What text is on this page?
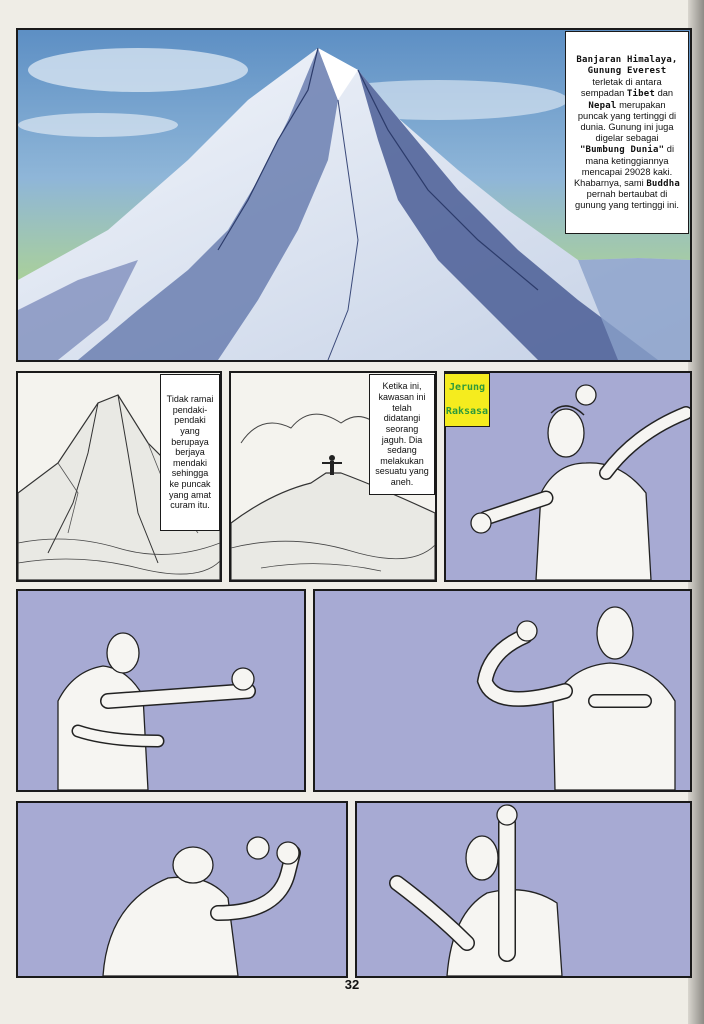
Banjaran Himalaya,
Gunung Everest
terletak di antara
sempadan Tibet dan
Nepal merupakan
puncak yang tertinggi di
dunia. Gunung ini juga
digelar sebagai
"Bumbung Dunia" di
mana ketinggiannya
mencapai 29028 kaki.
Khabarnya, sami Buddha
pernah bertaubat di
gunung yang tertinggi ini.
Tidak ramai
pendaki-
pendaki
yang
berupaya
berjaya
mendaki
sehingga
ke puncak
yang amat
curam itu.
Ketika ini,
kawasan ini
telah
didatangi
seorang
jaguh. Dia
sedang
melakukan
sesuatu yang
aneh.
Jerung
Raksasa
32
